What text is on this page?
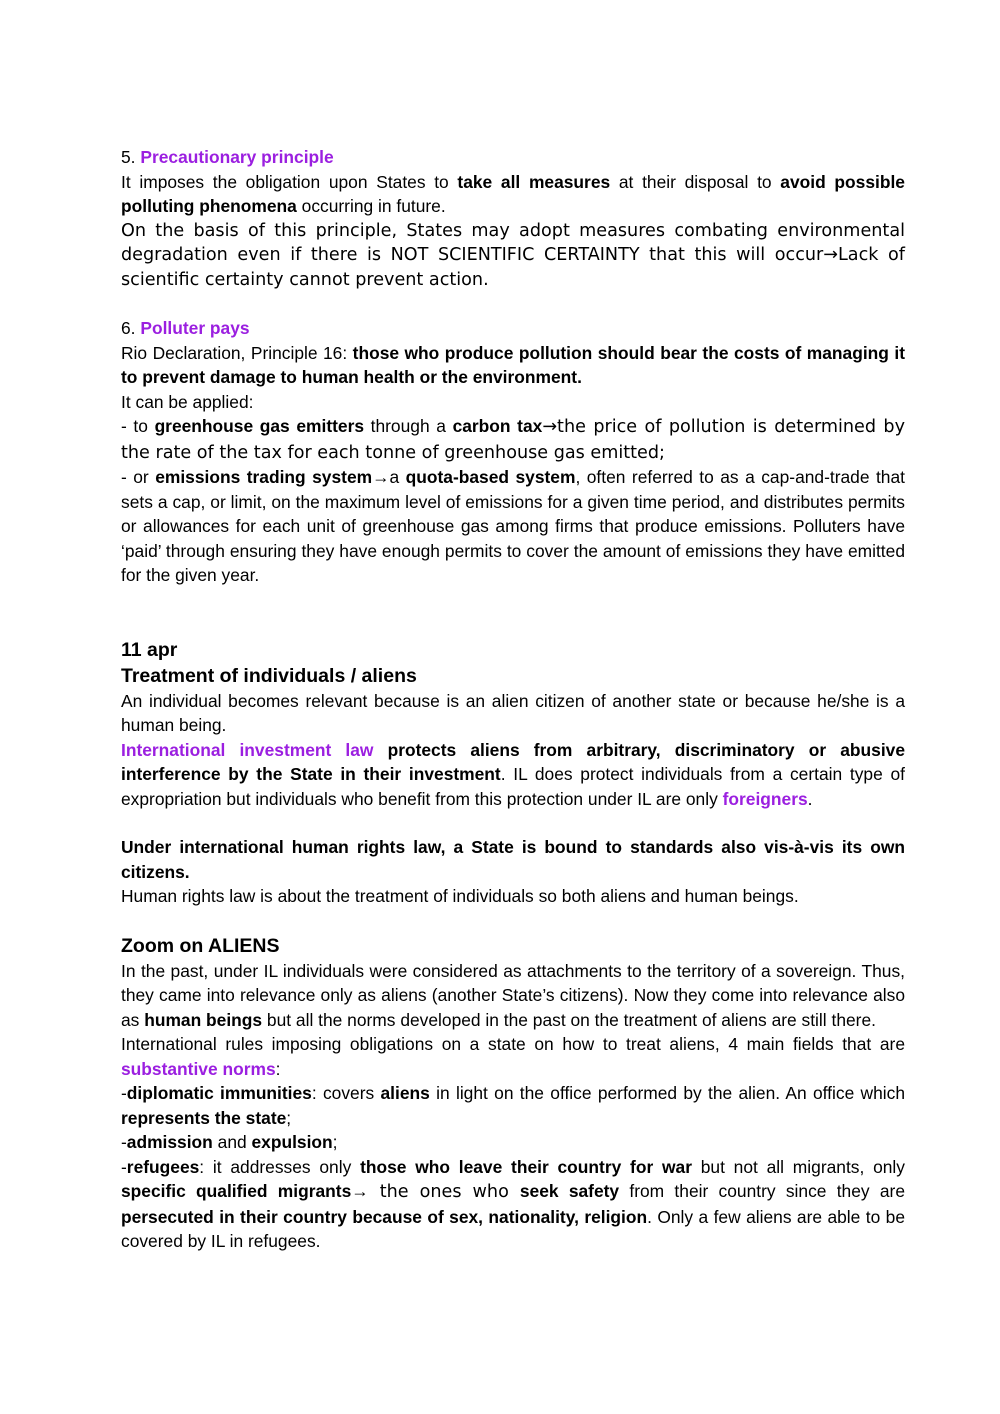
5. Precautionary principle

It imposes the obligation upon States to take all measures at their disposal to avoid possible polluting phenomena occurring in future.

On the basis of this principle, States may adopt measures combating environmental degradation even if there is NOT SCIENTIFIC CERTAINTY that this will occur→Lack of scientific certainty cannot prevent action.

6. Polluter pays

Rio Declaration, Principle 16: those who produce pollution should bear the costs of managing it to prevent damage to human health or the environment.

It can be applied:

- to greenhouse gas emitters through a carbon tax→the price of pollution is determined by the rate of the tax for each tonne of greenhouse gas emitted;

- or emissions trading system→a quota-based system, often referred to as a cap-and-trade that sets a cap, or limit, on the maximum level of emissions for a given time period, and distributes permits or allowances for each unit of greenhouse gas among firms that produce emissions. Polluters have ‘paid’ through ensuring they have enough permits to cover the amount of emissions they have emitted for the given year.

11 apr

Treatment of individuals / aliens

An individual becomes relevant because is an alien citizen of another state or because he/she is a human being.

International investment law protects aliens from arbitrary, discriminatory or abusive interference by the State in their investment. IL does protect individuals from a certain type of expropriation but individuals who benefit from this protection under IL are only foreigners.

Under international human rights law, a State is bound to standards also vis-à-vis its own citizens.

Human rights law is about the treatment of individuals so both aliens and human beings.

Zoom on ALIENS

In the past, under IL individuals were considered as attachments to the territory of a sovereign. Thus, they came into relevance only as aliens (another State’s citizens). Now they come into relevance also as human beings but all the norms developed in the past on the treatment of aliens are still there.

International rules imposing obligations on a state on how to treat aliens, 4 main fields that are substantive norms:

-diplomatic immunities: covers aliens in light on the office performed by the alien. An office which represents the state;

-admission and expulsion;

-refugees: it addresses only those who leave their country for war but not all migrants, only specific qualified migrants→ the ones who seek safety from their country since they are persecuted in their country because of sex, nationality, religion. Only a few aliens are able to be covered by IL in refugees.
